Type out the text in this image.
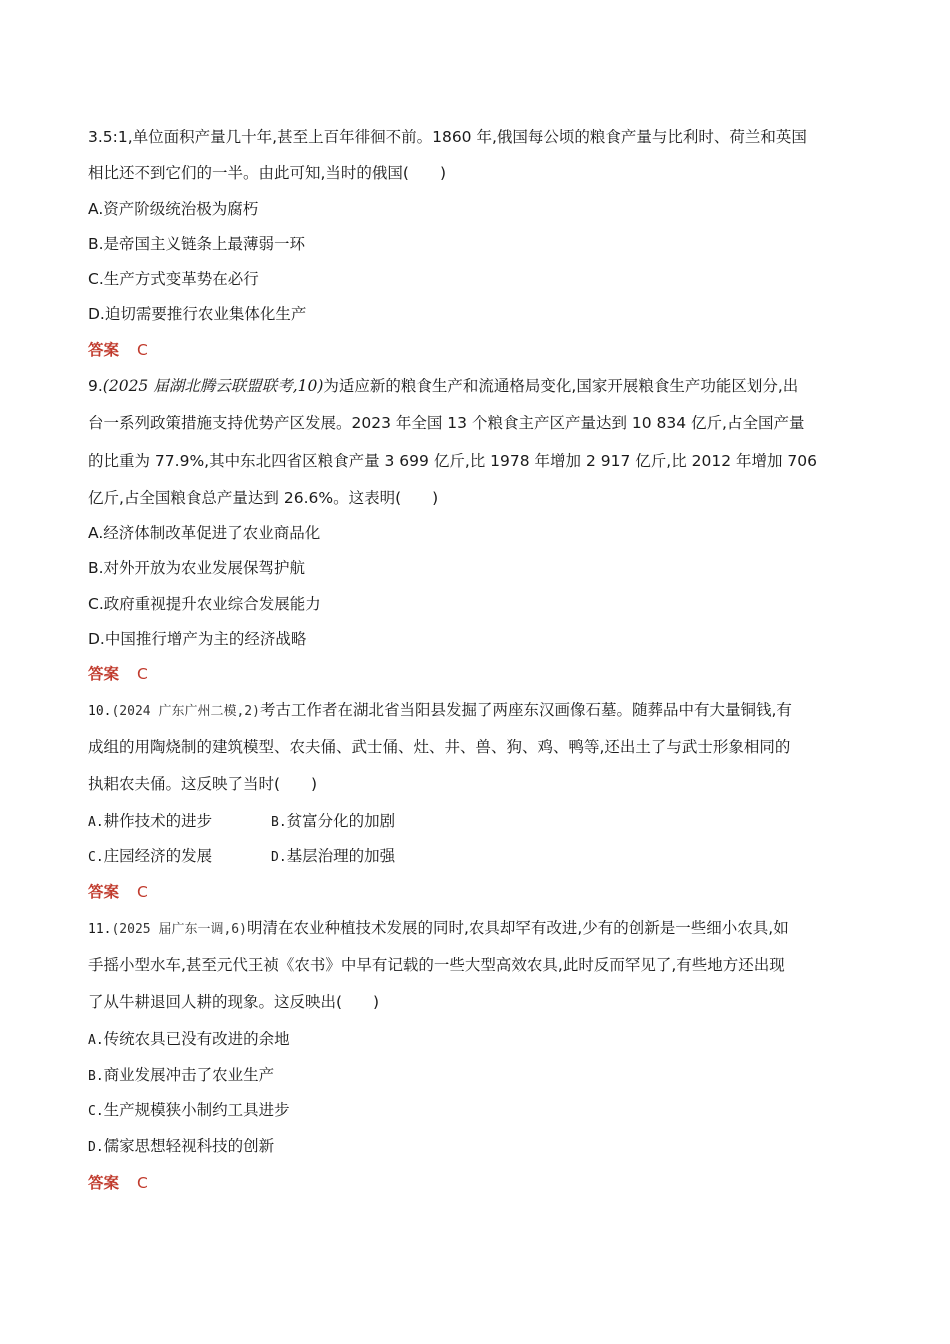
3.5:1,单位面积产量几十年,甚至上百年徘徊不前。1860 年,俄国每公顷的粮食产量与比利时、荷兰和英国
相比还不到它们的一半。由此可知,当时的俄国(　　)
A.资产阶级统治极为腐朽
B.是帝国主义链条上最薄弱一环
C.生产方式变革势在必行
D.迫切需要推行农业集体化生产
答案 C
9.(2025 届湖北腾云联盟联考,10)为适应新的粮食生产和流通格局变化,国家开展粮食生产功能区划分,出
台一系列政策措施支持优势产区发展。2023 年全国 13 个粮食主产区产量达到 10 834 亿斤,占全国产量
的比重为 77.9%,其中东北四省区粮食产量 3 699 亿斤,比 1978 年增加 2 917 亿斤,比 2012 年增加 706
亿斤,占全国粮食总产量达到 26.6%。这表明(　　)
A.经济体制改革促进了农业商品化
B.对外开放为农业发展保驾护航
C.政府重视提升农业综合发展能力
D.中国推行增产为主的经济战略
答案 C
10.(2024 广东广州二模,2)考古工作者在湖北省当阳县发掘了两座东汉画像石墓。随葬品中有大量铜钱,有
成组的用陶烧制的建筑模型、农夫俑、武士俑、灶、井、兽、狗、鸡、鸭等,还出土了与武士形象相同的
执耜农夫俑。这反映了当时(　　)
A.耕作技术的进步	B.贫富分化的加剧
C.庄园经济的发展	D.基层治理的加强
答案 C
11.(2025 届广东一调,6)明清在农业种植技术发展的同时,农具却罕有改进,少有的创新是一些细小农具,如
手摇小型水车,甚至元代王祯《农书》中早有记载的一些大型高效农具,此时反而罕见了,有些地方还出现
了从牛耕退回人耕的现象。这反映出(　　)
A.传统农具已没有改进的余地
B.商业发展冲击了农业生产
C.生产规模狭小制约工具进步
D.儒家思想轻视科技的创新
答案 C
